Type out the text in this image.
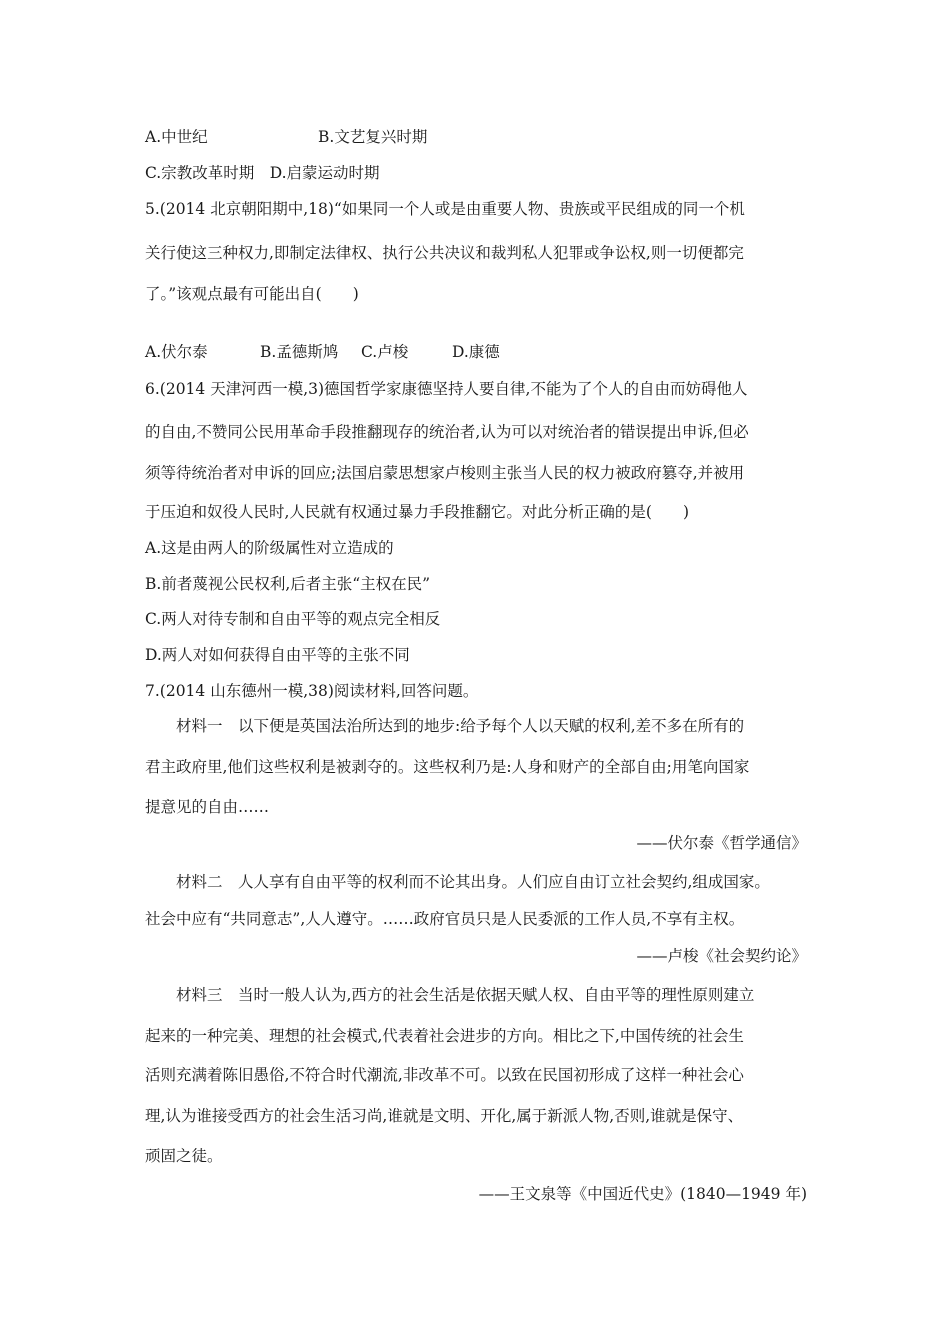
A.中世纪	B.文艺复兴时期
C.宗教改革时期　D.启蒙运动时期
5.(2014 北京朝阳期中,18)“如果同一个人或是由重要人物、贵族或平民组成的同一个机
关行使这三种权力,即制定法律权、执行公共决议和裁判私人犯罪或争讼权,则一切便都完
了。”该观点最有可能出自(　　)
A.伏尔泰	B.孟德斯鸠 C.卢梭	D.康德
6.(2014 天津河西一模,3)德国哲学家康德坚持人要自律,不能为了个人的自由而妨碍他人
的自由,不赞同公民用革命手段推翻现存的统治者,认为可以对统治者的错误提出申诉,但必
须等待统治者对申诉的回应;法国启蒙思想家卢梭则主张当人民的权力被政府篡夺,并被用
于压迫和奴役人民时,人民就有权通过暴力手段推翻它。对此分析正确的是(　　)
A.这是由两人的阶级属性对立造成的
B.前者蔑视公民权利,后者主张“主权在民”
C.两人对待专制和自由平等的观点完全相反
D.两人对如何获得自由平等的主张不同
7.(2014 山东德州一模,38)阅读材料,回答问题。
材料一　以下便是英国法治所达到的地步:给予每个人以天赋的权利,差不多在所有的
君主政府里,他们这些权利是被剥夺的。这些权利乃是:人身和财产的全部自由;用笔向国家
提意见的自由……
——伏尔泰《哲学通信》
材料二　人人享有自由平等的权利而不论其出身。人们应自由订立社会契约,组成国家。
社会中应有“共同意志”,人人遵守。……政府官员只是人民委派的工作人员,不享有主权。
——卢梭《社会契约论》
材料三　当时一般人认为,西方的社会生活是依据天赋人权、自由平等的理性原则建立
起来的一种完美、理想的社会模式,代表着社会进步的方向。相比之下,中国传统的社会生
活则充满着陈旧愚俗,不符合时代潮流,非改革不可。以致在民国初形成了这样一种社会心
理,认为谁接受西方的社会生活习尚,谁就是文明、开化,属于新派人物,否则,谁就是保守、
顽固之徒。
——王文泉等《中国近代史》(1840—1949 年)
